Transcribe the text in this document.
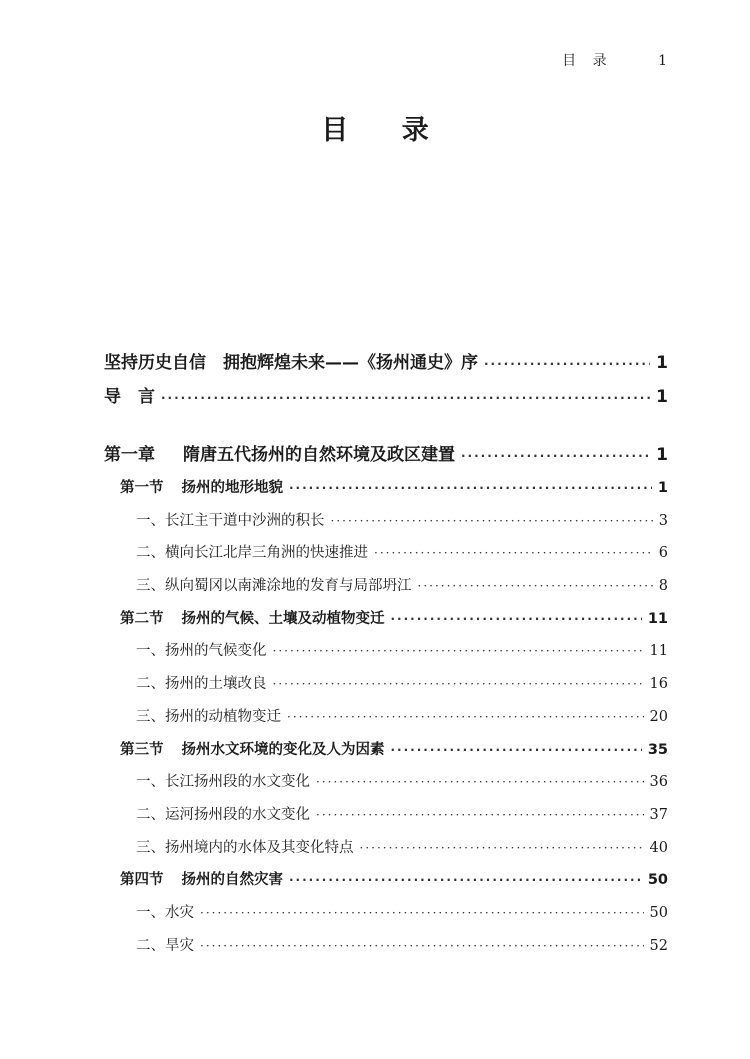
目 录	1
目 录
坚持历史自信　拥抱辉煌未来——《扬州通史》序 ·····	1
导　言 ·····	1
第一章 隋唐五代扬州的自然环境及政区建置 ·····	1
第一节 扬州的地形地貌 ·····	1
一、长江主干道中沙洲的积长 ·····	3
二、横向长江北岸三角洲的快速推进 ·····	6
三、纵向蜀冈以南滩涂地的发育与局部坍江 ·····	8
第二节 扬州的气候、土壤及动植物变迁 ·····	11
一、扬州的气候变化 ·····	11
二、扬州的土壤改良 ·····	16
三、扬州的动植物变迁 ·····	20
第三节 扬州水文环境的变化及人为因素 ·····	35
一、长江扬州段的水文变化 ·····	36
二、运河扬州段的水文变化 ·····	37
三、扬州境内的水体及其变化特点 ·····	40
第四节 扬州的自然灾害 ·····	50
一、水灾 ·····	50
二、旱灾 ·····	52
